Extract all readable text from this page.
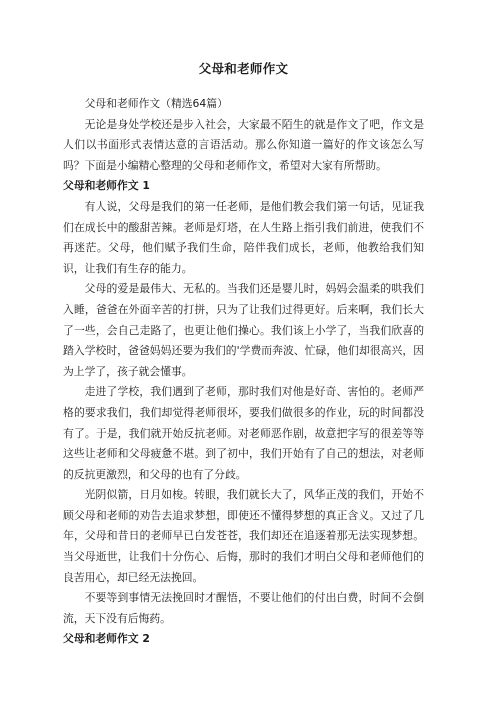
父母和老师作文

父母和老师作文（精选64篇）

无论是身处学校还是步入社会，大家最不陌生的就是作文了吧，作文是人们以书面形式表情达意的言语活动。那么你知道一篇好的作文该怎么写吗？下面是小编精心整理的父母和老师作文，希望对大家有所帮助。

父母和老师作文 1

有人说，父母是我们的第一任老师，是他们教会我们第一句话，见证我们在成长中的酸甜苦辣。老师是灯塔，在人生路上指引我们前进，使我们不再迷茫。父母，他们赋予我们生命，陪伴我们成长，老师，他教给我们知识，让我们有生存的能力。

父母的爱是最伟大、无私的。当我们还是婴儿时，妈妈会温柔的哄我们入睡，爸爸在外面辛苦的打拼，只为了让我们过得更好。后来啊，我们长大了一些，会自己走路了，也更让他们操心。我们该上小学了，当我们欣喜的踏入学校时，爸爸妈妈还要为我们的'学费而奔波、忙碌，他们却很高兴，因为上学了，孩子就会懂事。

走进了学校，我们遇到了老师，那时我们对他是好奇、害怕的。老师严格的要求我们，我们却觉得老师很坏，要我们做很多的作业，玩的时间都没有了。于是，我们就开始反抗老师。对老师恶作剧，故意把字写的很差等等这些让老师和父母疲惫不堪。到了初中，我们开始有了自己的想法，对老师的反抗更激烈，和父母的也有了分歧。

光阴似箭，日月如梭。转眼，我们就长大了，风华正茂的我们，开始不顾父母和老师的劝告去追求梦想，即使还不懂得梦想的真正含义。又过了几年，父母和昔日的老师早已白发苍苍，我们却还在追逐着那无法实现梦想。当父母逝世，让我们十分伤心、后悔，那时的我们才明白父母和老师他们的良苦用心，却已经无法挽回。

不要等到事情无法挽回时才醒悟，不要让他们的付出白费，时间不会倒流，天下没有后悔药。

父母和老师作文 2
